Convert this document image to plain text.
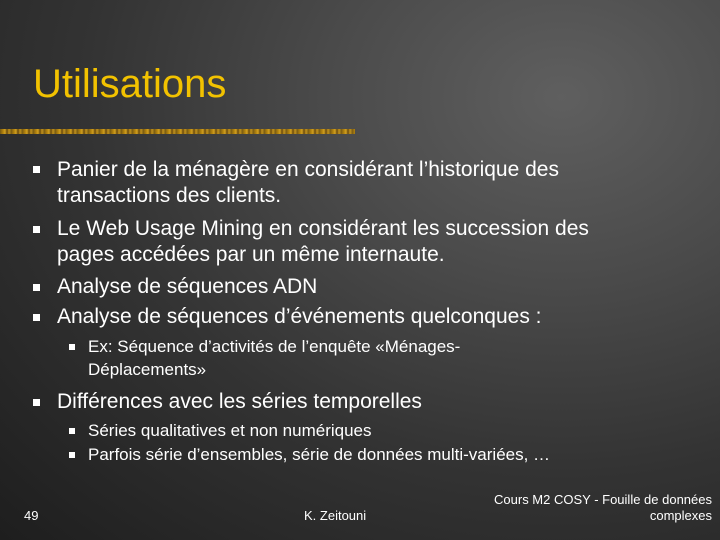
Utilisations
Panier de la ménagère en considérant l’historique des
transactions des clients.
Le Web Usage Mining en considérant les succession des
pages accédées par un même internaute.
Analyse de séquences ADN
Analyse de séquences d’événements quelconques :
Ex: Séquence d’activités de l’enquête «Ménages-
Déplacements»
Différences avec les séries temporelles
Séries qualitatives et non numériques
Parfois série d’ensembles, série de données multi-variées, …
49	K. Zeitouni
Cours M2 COSY - Fouille de données
complexes
